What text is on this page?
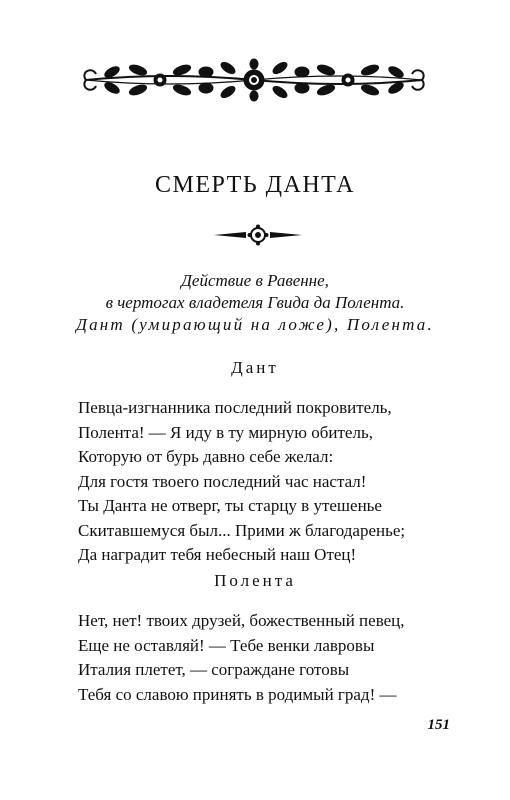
СМЕРТЬ ДАНТА
Действие в Равенне,
в чертогах владетеля Гвида да Полента.
Дант (умирающий на ложе), Полента.
Дант
Певца-изгнанника последний покровитель,
Полента! — Я иду в ту мирную обитель,
Которую от бурь давно себе желал:
Для гостя твоего последний час настал!
Ты Данта не отверг, ты старцу в утешенье
Скитавшемуся был... Прими ж благодаренье;
Да наградит тебя небесный наш Отец!
Полента
Нет, нет! твоих друзей, божественный певец,
Еще не оставляй! — Тебе венки лавровы
Италия плетет, — сограждане готовы
Тебя со славою принять в родимый град! —
151
